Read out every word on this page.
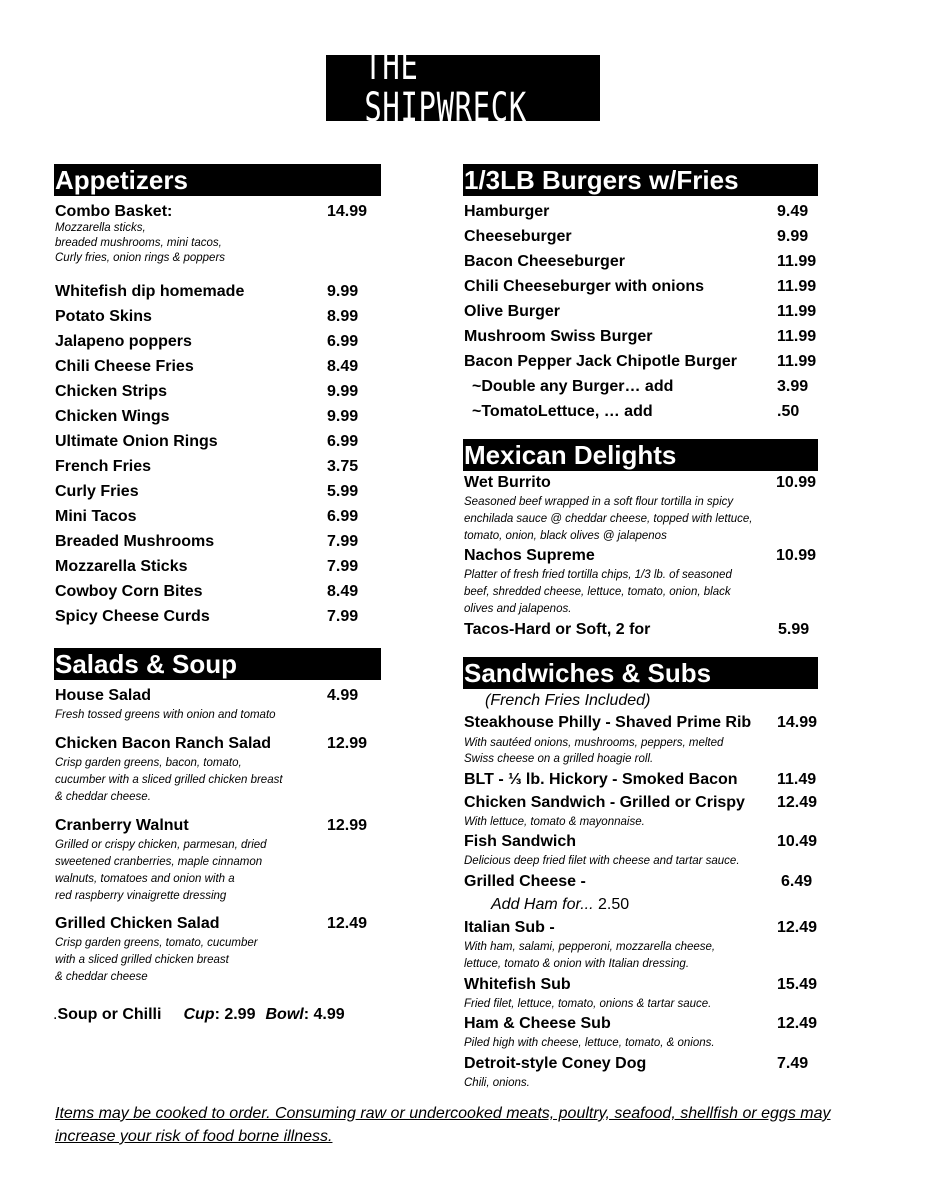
THE SHIPWRECK
Appetizers
Combo Basket:	14.99
Mozzarella sticks,
breaded mushrooms, mini tacos,
Curly fries, onion rings & poppers
Whitefish dip homemade	9.99
Potato Skins	8.99
Jalapeno poppers	6.99
Chili Cheese Fries	8.49
Chicken Strips	9.99
Chicken Wings	9.99
Ultimate Onion Rings	6.99
French Fries	3.75
Curly Fries	5.99
Mini Tacos	6.99
Breaded Mushrooms	7.99
Mozzarella Sticks	7.99
Cowboy Corn Bites	8.49
Spicy Cheese Curds	7.99
Salads & Soup
House Salad	4.99
Fresh tossed greens with onion and tomato
Chicken Bacon Ranch Salad	12.99
Crisp garden greens, bacon, tomato,
cucumber with a sliced grilled chicken breast
& cheddar cheese.
Cranberry Walnut	12.99
Grilled or crispy chicken, parmesan, dried
sweetened cranberries, maple cinnamon
walnuts, tomatoes and onion with a
red raspberry vinaigrette dressing
Grilled Chicken Salad	12.49
Crisp garden greens, tomato, cucumber
with a sliced grilled chicken breast
& cheddar cheese
.Soup or Chilli Cup: 2.99 Bowl: 4.99
1/3LB Burgers w/Fries
Hamburger	9.49
Cheeseburger	9.99
Bacon Cheeseburger	11.99
Chili Cheeseburger with onions	11.99
Olive Burger	11.99
Mushroom Swiss Burger	11.99
Bacon Pepper Jack Chipotle Burger	11.99
~Double any Burger… add	3.99
~TomatoLettuce, … add	.50
Mexican Delights
Wet Burrito	10.99
Seasoned beef wrapped in a soft flour tortilla in spicy
enchilada sauce @ cheddar cheese, topped with lettuce,
tomato, onion, black olives @ jalapenos
Nachos Supreme	10.99
Platter of fresh fried tortilla chips, 1/3 lb. of seasoned
beef, shredded cheese, lettuce, tomato, onion, black
olives and jalapenos.
Tacos-Hard or Soft, 2 for	5.99
Sandwiches & Subs
(French Fries Included)
Steakhouse Philly - Shaved Prime Rib 14.99
With sautéed onions, mushrooms, peppers, melted
Swiss cheese on a grilled hoagie roll.
BLT - ⅓ lb. Hickory - Smoked Bacon 11.49
Chicken Sandwich - Grilled or Crispy 12.49
With lettuce, tomato & mayonnaise.
Fish Sandwich	10.49
Delicious deep fried filet with cheese and tartar sauce.
Grilled Cheese -	6.49
Add Ham for... 2.50
Italian Sub -	12.49
With ham, salami, pepperoni, mozzarella cheese,
lettuce, tomato & onion with Italian dressing.
Whitefish Sub	15.49
Fried filet, lettuce, tomato, onions & tartar sauce.
Ham & Cheese Sub	12.49
Piled high with cheese, lettuce, tomato, & onions.
Detroit-style Coney Dog	7.49
Chili, onions.
Items may be cooked to order. Consuming raw or undercooked meats, poultry, seafood, shellfish or eggs may increase your risk of food borne illness.
